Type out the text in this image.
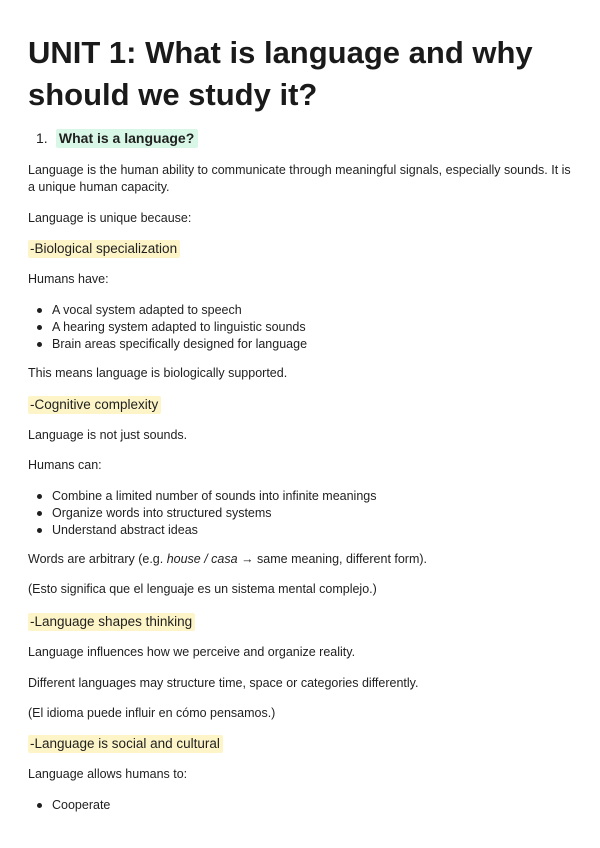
UNIT 1: What is language and why should we study it?
1. What is a language?
Language is the human ability to communicate through meaningful signals, especially sounds. It is a unique human capacity.
Language is unique because:
-Biological specialization
Humans have:
A vocal system adapted to speech
A hearing system adapted to linguistic sounds
Brain areas specifically designed for language
This means language is biologically supported.
-Cognitive complexity
Language is not just sounds.
Humans can:
Combine a limited number of sounds into infinite meanings
Organize words into structured systems
Understand abstract ideas
Words are arbitrary (e.g. house / casa → same meaning, different form).
(Esto significa que el lenguaje es un sistema mental complejo.)
-Language shapes thinking
Language influences how we perceive and organize reality.
Different languages may structure time, space or categories differently.
(El idioma puede influir en cómo pensamos.)
-Language is social and cultural
Language allows humans to:
Cooperate
